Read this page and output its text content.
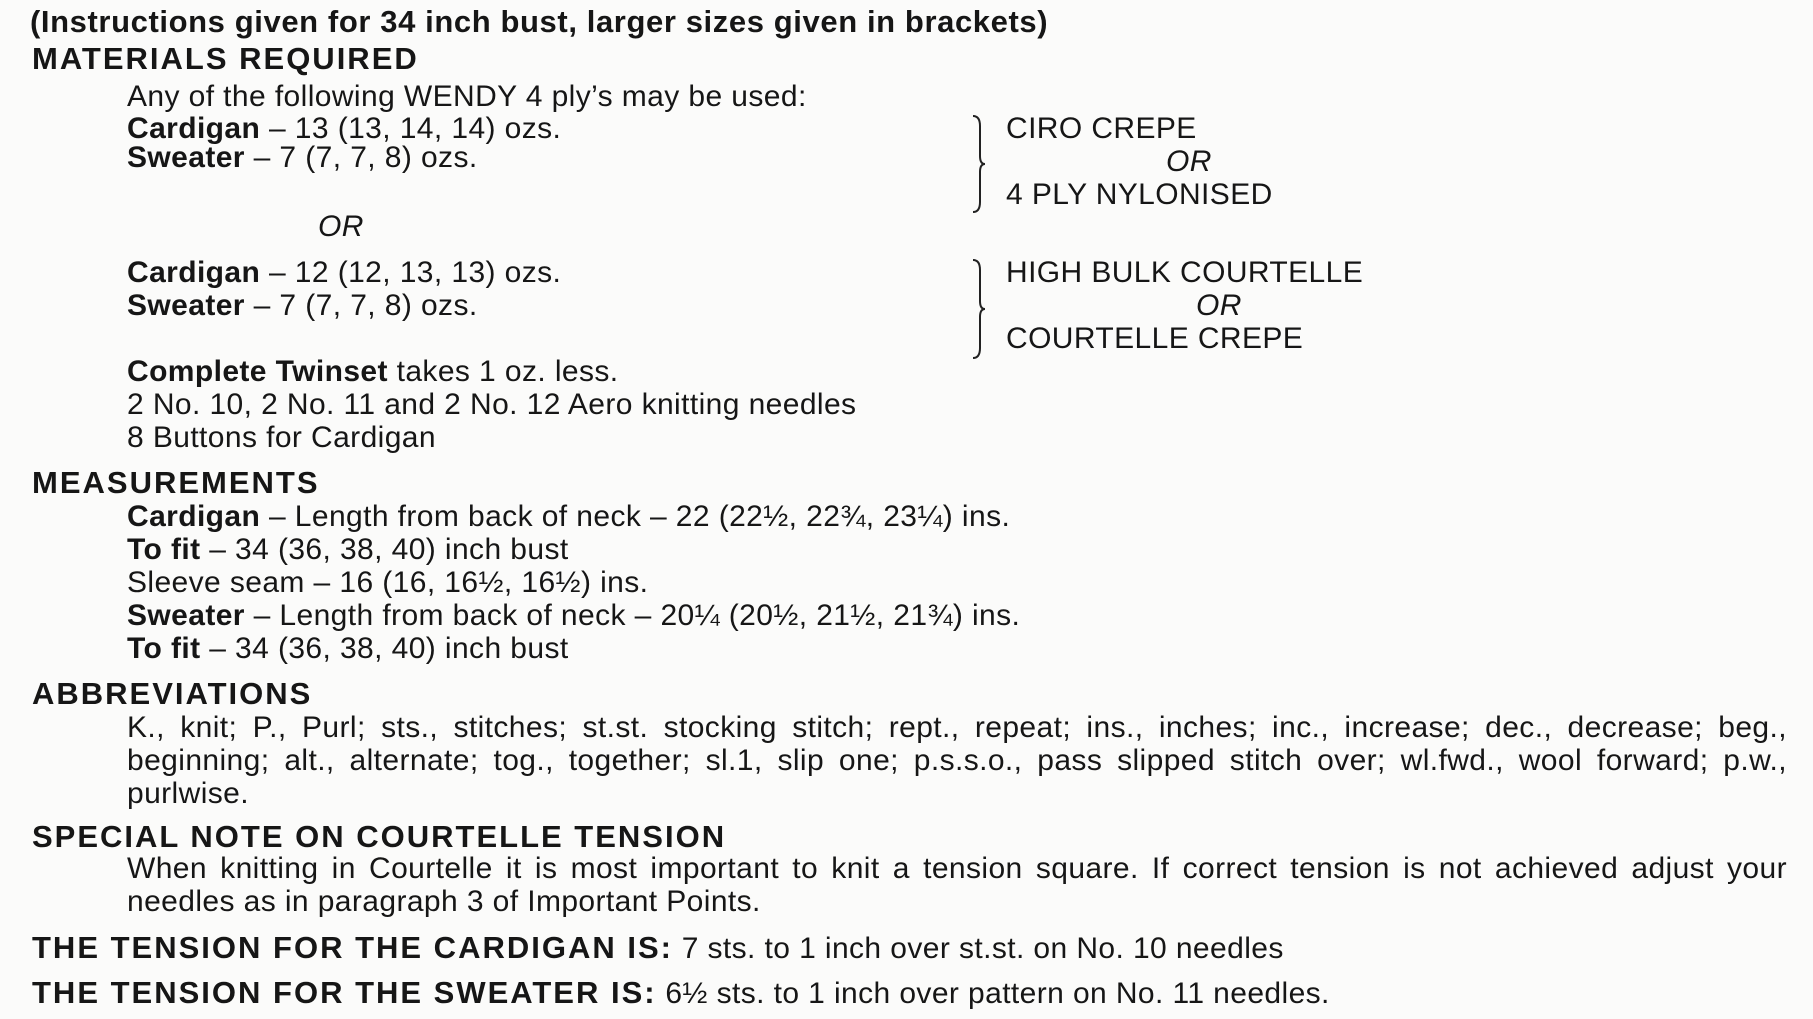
(Instructions given for 34 inch bust, larger sizes given in brackets)
MATERIALS REQUIRED
Any of the following WENDY 4 ply’s may be used:
Cardigan – 13 (13, 14, 14) ozs.
Sweater – 7 (7, 7, 8) ozs.
CIRO CREPE
OR
4 PLY NYLONISED
OR
Cardigan – 12 (12, 13, 13) ozs.
Sweater – 7 (7, 7, 8) ozs.
HIGH BULK COURTELLE
OR
COURTELLE CREPE
Complete Twinset takes 1 oz. less.
2 No. 10, 2 No. 11 and 2 No. 12 Aero knitting needles
8 Buttons for Cardigan
MEASUREMENTS
Cardigan – Length from back of neck – 22 (22½, 22¾, 23¼) ins.
To fit – 34 (36, 38, 40) inch bust
Sleeve seam – 16 (16, 16½, 16½) ins.
Sweater – Length from back of neck – 20¼ (20½, 21½, 21¾) ins.
To fit – 34 (36, 38, 40) inch bust
ABBREVIATIONS
K., knit; P., Purl; sts., stitches; st.st. stocking stitch; rept., repeat; ins., inches; inc., increase; dec., decrease; beg., beginning; alt., alternate; tog., together; sl.1, slip one; p.s.s.o., pass slipped stitch over; wl.fwd., wool forward; p.w., purlwise.
SPECIAL NOTE ON COURTELLE TENSION
When knitting in Courtelle it is most important to knit a tension square. If correct tension is not achieved adjust your needles as in paragraph 3 of Important Points.
THE TENSION FOR THE CARDIGAN IS: 7 sts. to 1 inch over st.st. on No. 10 needles
THE TENSION FOR THE SWEATER IS: 6½ sts. to 1 inch over pattern on No. 11 needles.
